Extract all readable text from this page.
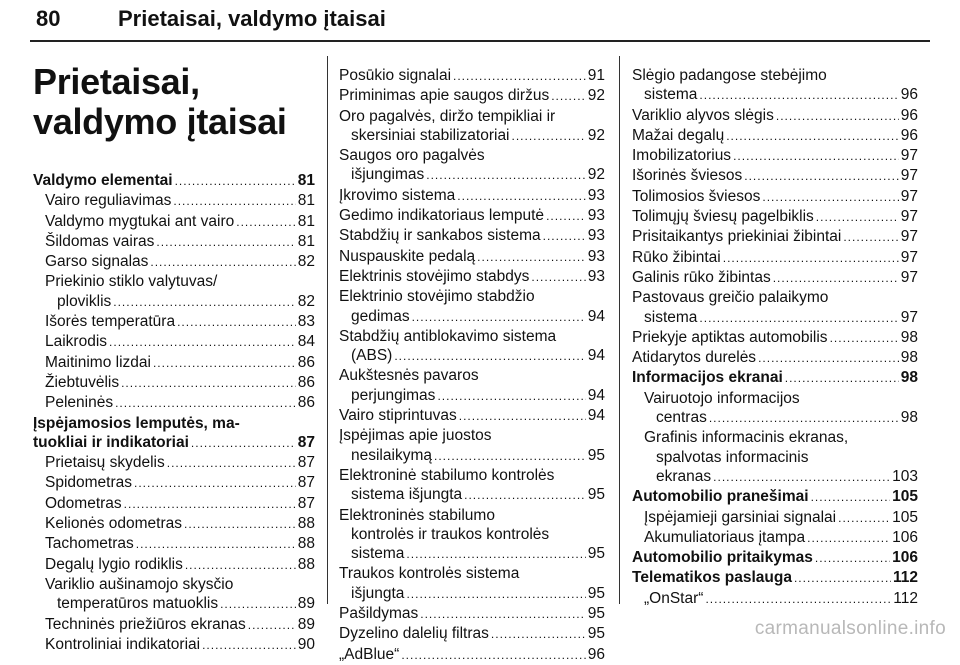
80	Prietaisai, valdymo įtaisai
Prietaisai, valdymo įtaisai
Valdymo elementai .....	81
Vairo reguliavimas .....	81
Valdymo mygtukai ant vairo .....	81
Šildomas vairas .....	81
Garso signalas .....	82
Priekinio stiklo valytuvas/
ploviklis .....	82
Išorės temperatūra .....	83
Laikrodis .....	84
Maitinimo lizdai .....	86
Žiebtuvėlis .....	86
Peleninės .....	86
Įspėjamosios lemputės, ma-
tuokliai ir indikatoriai .....	87
Prietaisų skydelis .....	87
Spidometras .....	87
Odometras .....	87
Kelionės odometras .....	88
Tachometras .....	88
Degalų lygio rodiklis .....	88
Variklio aušinamojo skysčio
temperatūros matuoklis .....	89
Techninės priežiūros ekranas .....	89
Kontroliniai indikatoriai .....	90
Posūkio signalai .....	91
Priminimas apie saugos diržus ..... 92
Oro pagalvės, diržo tempikliai ir
skersiniai stabilizatoriai .....	92
Saugos oro pagalvės
išjungimas .....	92
Įkrovimo sistema .....	93
Gedimo indikatoriaus lemputė .....	93
Stabdžių ir sankabos sistema .....	93
Nuspauskite pedalą .....	93
Elektrinis stovėjimo stabdys .....	93
Elektrinio stovėjimo stabdžio
gedimas .....	94
Stabdžių antiblokavimo sistema
(ABS) .....	94
Aukštesnės pavaros
perjungimas .....	94
Vairo stiprintuvas .....	94
Įspėjimas apie juostos
nesilaikymą .....	95
Elektroninė stabilumo kontrolės
sistema išjungta .....	95
Elektroninės stabilumo
kontrolės ir traukos kontrolės
sistema .....	95
Traukos kontrolės sistema
išjungta .....	95
Pašildymas .....	95
Dyzelino dalelių filtras .....	95
„AdBlue“ .....	96
Slėgio padangose stebėjimo
sistema .....	96
Variklio alyvos slėgis .....	96
Mažai degalų .....	96
Imobilizatorius .....	97
Išorinės šviesos .....	97
Tolimosios šviesos .....	97
Tolimųjų šviesų pagelbiklis .....	97
Prisitaikantys priekiniai žibintai .....	97
Rūko žibintai .....	97
Galinis rūko žibintas .....	97
Pastovaus greičio palaikymo
sistema .....	97
Priekyje aptiktas automobilis .....	98
Atidarytos durelės .....	98
Informacijos ekranai .....	98
Vairuotojo informacijos
centras .....	98
Grafinis informacinis ekranas,
spalvotas informacinis
ekranas .....	103
Automobilio pranešimai .....	105
Įspėjamieji garsiniai signalai .....	105
Akumuliatoriaus įtampa .....	106
Automobilio pritaikymas .....	106
Telematikos paslauga .....	112
„OnStar“ .....	112
carmanualsonline.info
